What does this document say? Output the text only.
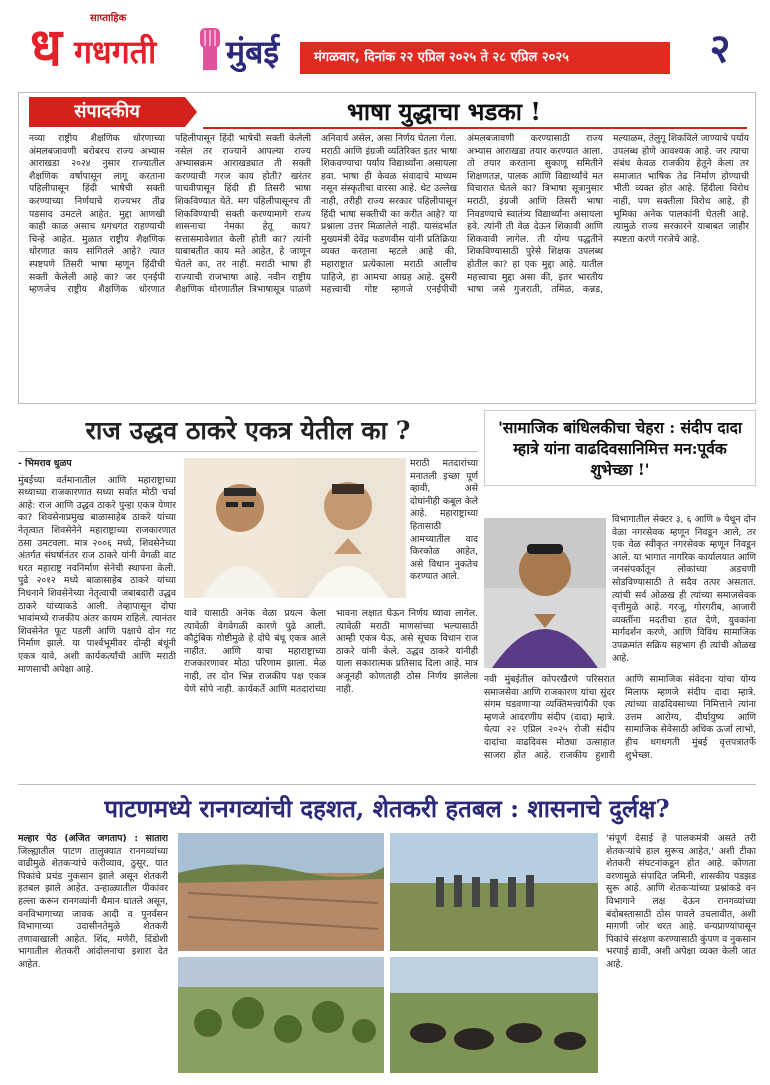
साप्ताहिक
ध गधगती मुंबई	मंगळवार, दिनांक २२ एप्रिल २०२५ ते २८ एप्रिल २०२५	२
संपादकीय	भाषा युद्धाचा भडका !
नव्या राष्ट्रीय शैक्षणिक धोरणाच्या अंमलबजावणी बरोबरच राज्य अभ्यास आराखडा २०२४ नुसार राज्यातील शैक्षणिक वर्षापासून लागू करताना पहिलीपासून हिंदी भाषेची सक्ती करण्याच्या निर्णयाचे राज्यभर तीव्र पडसाद उमटले आहेत. मुद्दा आणखी काही काळ असाच धगधगत राहण्याची चिन्हे आहेत. मुळात राष्ट्रीय शैक्षणिक धोरणात काय सांगितले आहे? त्यात स्पष्टपणे तिसरी भाषा म्हणून हिंदीची सक्ती केलेली आहे का? जर एनईपी म्हणजेच राष्ट्रीय शैक्षणिक धोरणात पहिलीपासून हिंदी भाषेची सक्ती केलेली नसेल तर राज्याने आपल्या राज्य अभ्यासक्रम आराखड्यात ती सक्ती करण्याची गरज काय होती? खरंतर पाचवीपासून हिंदी ही तिसरी भाषा शिकविण्यात येते. मग पहिलीपासूनच ती शिकविण्याची सक्ती करण्यामागे राज्य शासनाचा नेमका हेतू काय? सत्तासमावेशात केली होती का? त्यांनी याबाबतीत काय मते आहेत, हे जाणून घेतले का, तर नाही. मराठी भाषा ही राज्याची राजभाषा आहे. नवीन राष्ट्रीय शैक्षणिक धोरणातील त्रिभाषासूत्र पाळणे अनिवार्य असेल, असा निर्णय घेतला गेला. मराठी आणि इंग्रजी व्यतिरिक्त इतर भाषा शिकवण्याचा पर्याय विद्यार्थ्यांना असायला हवा. भाषा ही केवळ संवादाचे माध्यम नसून संस्कृतीचा वारसा आहे. थेट उल्लेख नाही, तरीही राज्य सरकार पहिलीपासून हिंदी भाषा सक्तीची का करीत आहे? या प्रश्नाला उत्तर मिळालेले नाही. यासंदर्भात मुख्यमंत्री देवेंद्र फडणवीस यांनी प्रतिक्रिया व्यक्त करताना म्हटले आहे की, महाराष्ट्रात प्रत्येकाला मराठी आलीच पाहिजे, हा आमचा आग्रह आहे. दुसरी महत्त्वाची गोष्ट म्हणजे एनईपीची अंमलबजावणी करण्यासाठी राज्य अभ्यास आराखडा तयार करण्यात आला. तो तयार करताना सुकाणू समितीने शिक्षणतज्ञ, पालक आणि विद्यार्थ्यांचे मत विचारात घेतले का? त्रिभाषा सूत्रानुसार मराठी, इंग्रजी आणि तिसरी भाषा निवडण्याचे स्वातंत्र्य विद्यार्थ्यांना असायला हवे. त्यांनी ती वेळ देऊन शिकावी आणि शिकवावी लागेल. ती योग्य पद्धतीने शिकविण्यासाठी पुरेसे शिक्षक उपलब्ध होतील का? हा एक मुद्दा आहे. यातील महत्त्वाचा मुद्दा असा की, इतर भारतीय भाषा जसे गुजराती, तमिळ, कन्नड, मल्याळम, तेलुगू शिकविले जाण्याचे पर्याय उपलब्ध होणे आवश्यक आहे. जर त्याचा संबंध केवळ राजकीय हेतूने केला तर समाजात भाषिक तेढ निर्माण होण्याची भीती व्यक्त होत आहे. हिंदीला विरोध नाही, पण सक्तीला विरोध आहे, ही भूमिका अनेक पालकांनी घेतली आहे. त्यामुळे राज्य सरकारने याबाबत जाहीर स्पष्टता करणे गरजेचे आहे.
राज उद्धव ठाकरे एकत्र येतील का ?
- भिमराव धुळप
मुंबईच्या वर्तमानातील आणि महाराष्ट्राच्या सध्याच्या राजकारणात सध्या सर्वात मोठी चर्चा आहे: राज आणि उद्धव ठाकरे पुन्हा एकत्र येणार का? शिवसेनाप्रमुख बाळासाहेब ठाकरे यांच्या नेतृत्वात शिवसेनेने महाराष्ट्राच्या राजकारणात ठसा उमटवला. मात्र २००६ मध्ये, शिवसेनेच्या अंतर्गत संघर्षानंतर राज ठाकरे यांनी वेगळी वाट धरत महाराष्ट्र नवनिर्माण सेनेची स्थापना केली. पुढे २०१२ मध्ये बाळासाहेब ठाकरे यांच्या निधनाने शिवसेनेच्या नेतृत्वाची जबाबदारी उद्धव ठाकरे यांच्याकडे आली. तेव्हापासून दोघा भावांमध्ये राजकीय अंतर कायम राहिले. त्यानंतर शिवसेनेत फूट पडली आणि पक्षाचे दोन गट निर्माण झाले. या पार्श्वभूमीवर दोन्ही बंधूंनी एकत्र यावे, अशी कार्यकर्त्यांची आणि मराठी माणसाची अपेक्षा आहे.
मराठी मतदारांच्या मनातली इच्छा पूर्ण व्हावी, असे दोघांनीही कबूल केले आहे. महाराष्ट्राच्या हितासाठी आमच्यातील वाद किरकोळ आहेत, असे विधान नुकतेच करण्यात आले.
यावे यासाठी अनेक वेळा प्रयत्न केला त्यावेळी वेगवेगळी कारणे पुढे आली. कौटुंबिक गोष्टीमुळे हे दोघे बंधू एकत्र आले नाहीत. आणि याचा महाराष्ट्राच्या राजकारणावर मोठा परिणाम झाला. मेळ नाही, तर दोन भिन्न राजकीय पक्ष एकत्र येणे सोपे नाही. कार्यकर्ते आणि मतदारांच्या भावना लक्षात घेऊन निर्णय घ्यावा लागेल. त्यावेळी मराठी माणसांच्या भल्यासाठी आम्ही एकत्र येऊ, असे सूचक विधान राज ठाकरे यांनी केले. उद्धव ठाकरे यांनीही याला सकारात्मक प्रतिसाद दिला आहे. मात्र अजूनही कोणताही ठोस निर्णय झालेला नाही.
'सामाजिक बांधिलकीचा चेहरा : संदीप दादा म्हात्रे यांना वाढदिवसानिमित्त मन:पूर्वक शुभेच्छा !'
विभागातील सेक्टर ३, ६ आणि ७ येथून दोन वेळा नगरसेवक म्हणून निवडून आले, तर एक वेळ स्वीकृत नगरसेवक म्हणून निवडून आले. या भागात नागरिक कार्यालयात आणि जनसंपर्कातून लोकांच्या अडचणी सोडविण्यासाठी ते सदैव तत्पर असतात. त्यांची सर्व ओळख ही त्यांच्या समाजसेवक वृत्तीमुळे आहे. गरजू, गोरगरीब, आजारी व्यक्तींना मदतीचा हात देणे, युवकांना मार्गदर्शन करणे, आणि विविध सामाजिक उपक्रमांत सक्रिय सहभाग ही त्यांची ओळख आहे.
नवी मुंबईतील कोपरखैरणे परिसरात समाजसेवा आणि राजकारण यांचा सुंदर संगम घडवणाऱ्या व्यक्तिमत्त्वांपैकी एक म्हणजे आदरणीय संदीप (दादा) म्हात्रे. येत्या २२ एप्रिल २०२५ रोजी संदीप दादांचा वाढदिवस मोठ्या उत्साहात साजरा होत आहे. राजकीय हुशारी आणि सामाजिक संवेदना यांचा योग्य मिलाफ म्हणजे संदीप दादा म्हात्रे. त्यांच्या वाढदिवसाच्या निमित्ताने त्यांना उत्तम आरोग्य, दीर्घायुष्य आणि सामाजिक सेवेसाठी अधिक ऊर्जा लाभो, हीच धगधगती मुंबई वृत्तपत्रातर्फे शुभेच्छा.
पाटणमध्ये रानगव्यांची दहशत, शेतकरी हतबल : शासनाचे दुर्लक्ष?
मल्हार पेठ (अजित जगताप) : सातारा जिल्ह्यातील पाटण तालुक्यात रानगव्यांच्या वाढीमुळे शेतकऱ्यांचे करीव्याव, ठुसूर, यात पिकांचे प्रचंड नुकसान झाले असून शेतकरी हतबल झाले आहेत. उन्हाळ्यातील पीकांवर हल्ला करून रानगव्यांनी थैमान घातले असून, वनविभागाच्या जावक आदी व पुनर्वसन विभागाच्या उदासीनतेमुळे शेतकरी तणावाखाली आहेत. शिंद, मणेरी, दिंडोशी भागातील शेतकरी आंदोलनाचा इशारा देत आहेत.
'संपूर्ण देसाई हे पालकमंत्री असते तरी शेतकऱ्यांचे हाल सुरूच आहेत,' अशी टीका शेतकरी संघटनांकडून होत आहे. कोणता वरणामुळे संपादित जमिनी, शासकीय पडझड सुरू आहे. आणि शेतकऱ्यांच्या प्रश्नांकडे वन विभागाने लक्ष देऊन रानगव्यांच्या बंदोबस्तासाठी ठोस पावले उचलावीत, अशी मागणी जोर धरत आहे. वन्यप्राण्यांपासून पिकांचे संरक्षण करण्यासाठी कुंपण व नुकसान भरपाई द्यावी, अशी अपेक्षा व्यक्त केली जात आहे.
